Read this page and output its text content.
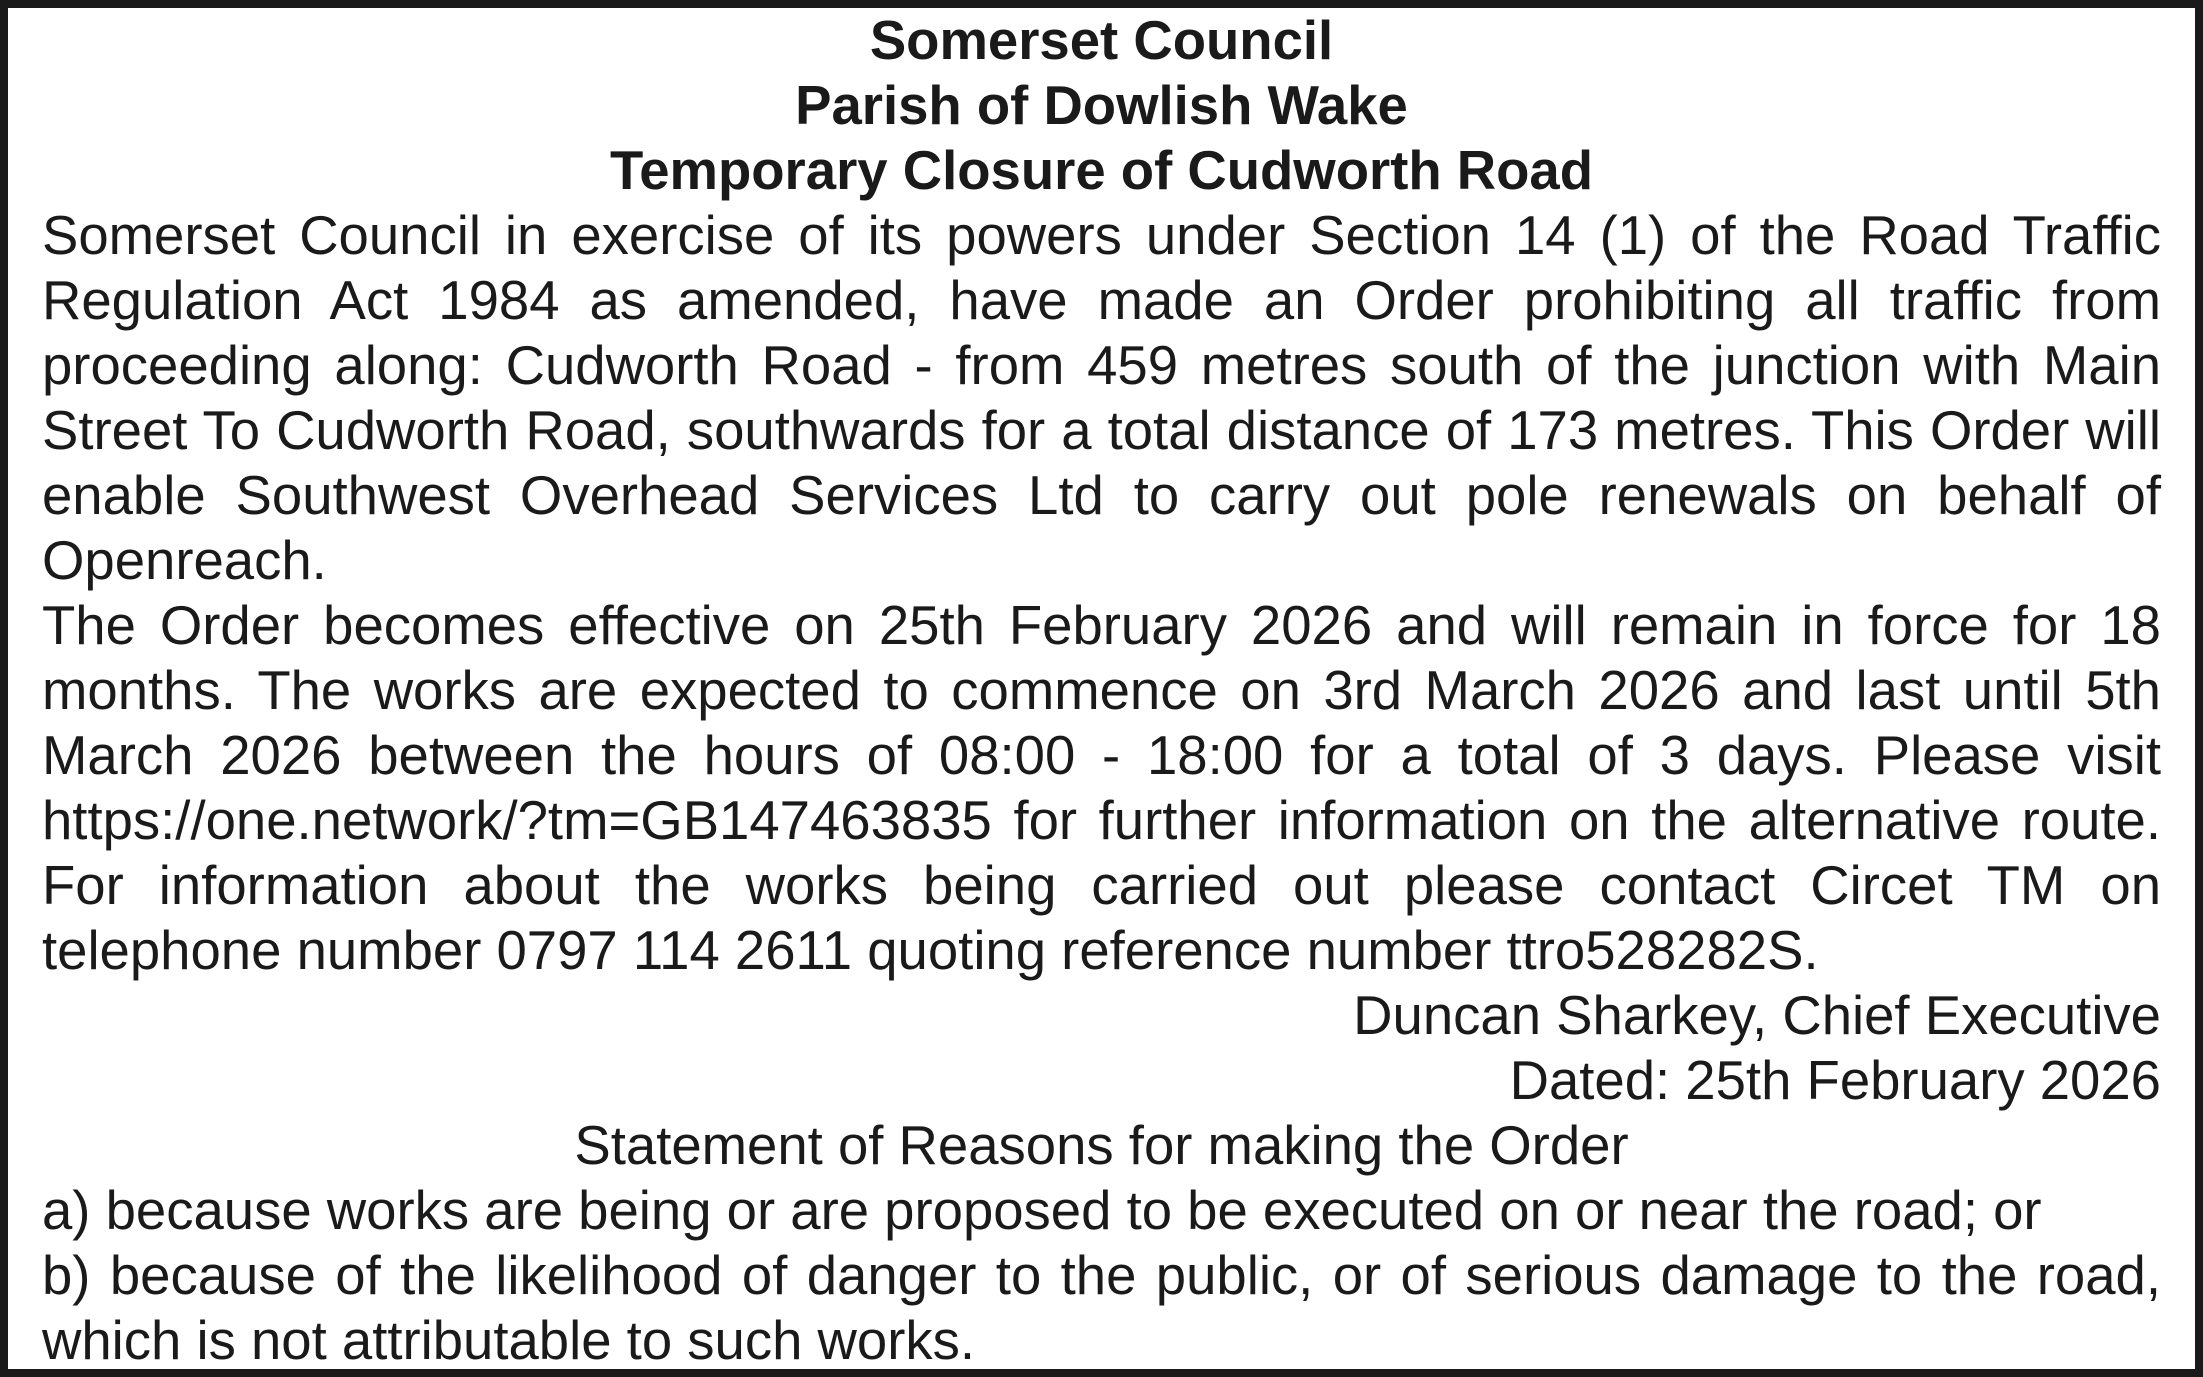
Somerset Council
Parish of Dowlish Wake
Temporary Closure of Cudworth Road
Somerset Council in exercise of its powers under Section 14 (1) of the Road Traffic Regulation Act 1984 as amended, have made an Order prohibiting all traffic from proceeding along: Cudworth Road - from 459 metres south of the junction with Main Street To Cudworth Road, southwards for a total distance of 173 metres. This Order will enable Southwest Overhead Services Ltd to carry out pole renewals on behalf of Openreach.
The Order becomes effective on 25th February 2026 and will remain in force for 18 months. The works are expected to commence on 3rd March 2026 and last until 5th March 2026 between the hours of 08:00 - 18:00 for a total of 3 days. Please visit https://one.network/?tm=GB147463835 for further information on the alternative route. For information about the works being carried out please contact Circet TM on telephone number 0797 114 2611 quoting reference number ttro528282S.
Duncan Sharkey, Chief Executive
Dated: 25th February 2026
Statement of Reasons for making the Order
a) because works are being or are proposed to be executed on or near the road; or
b) because of the likelihood of danger to the public, or of serious damage to the road, which is not attributable to such works.
